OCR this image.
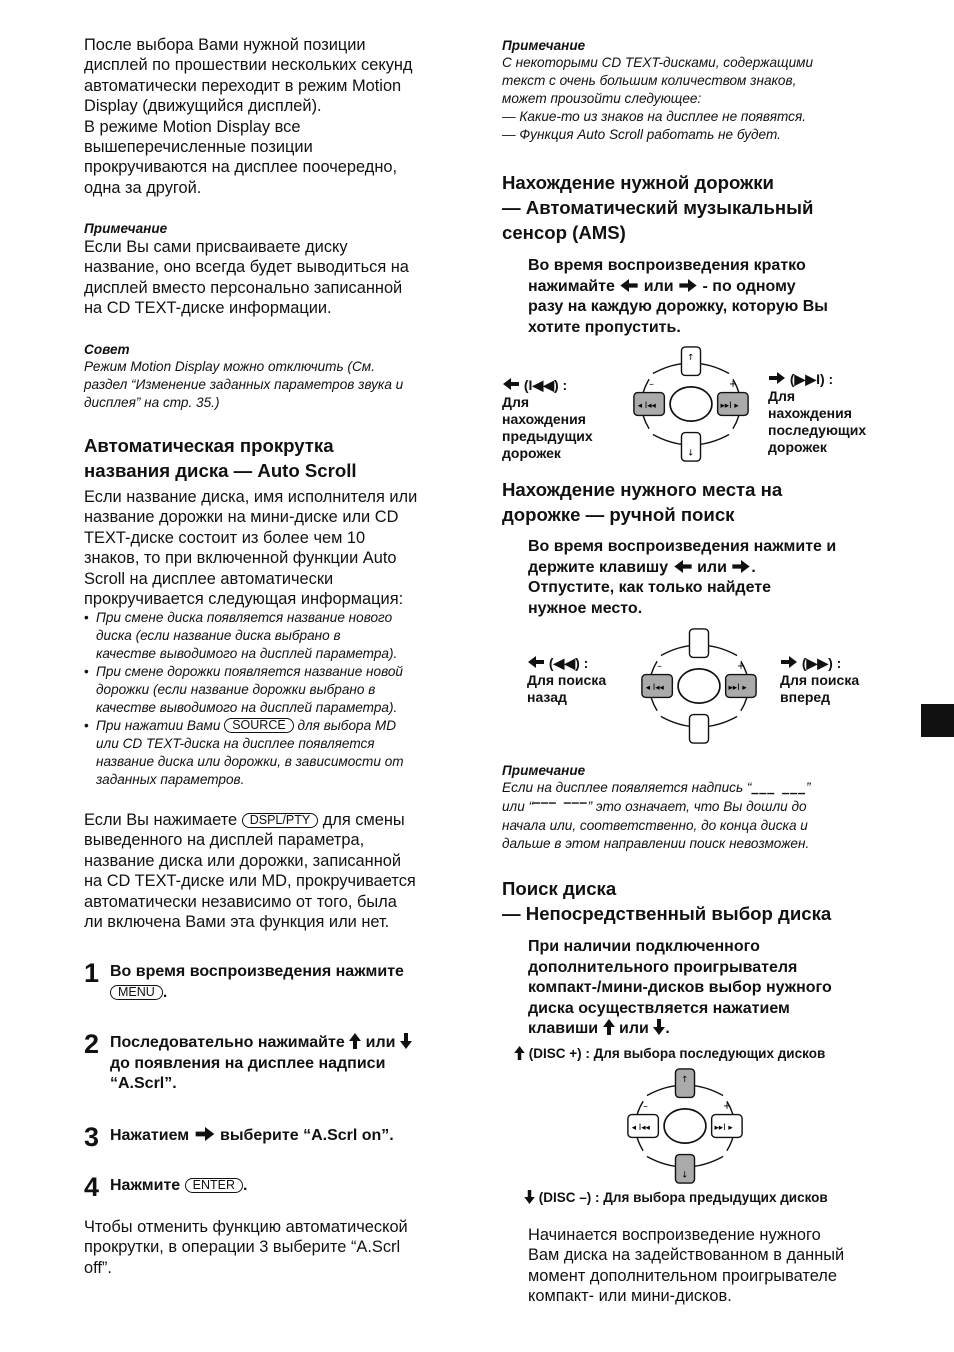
После выбора Вами нужной позиции

дисплей по прошествии нескольких секунд

автоматически переходит в режим Motion

Display (движущийся дисплей).

В режиме Motion Display все

вышеперечисленные позиции

прокручиваются на дисплее поочередно,

одна за другой.

Примечание

Если Вы сами присваиваете диску

название, оно всегда будет выводиться на

дисплей вместо персонально записанной

на CD TEXT-диске информации.

Совет

Режим Motion Display можно отключить (См.

раздел “Изменение заданных параметров звука и

дисплея” на стр. 35.)

Автоматическая прокрутка
названия диска — Auto Scroll

Если название диска, имя исполнителя или

название дорожки на мини-диске или CD

TEXT-диске состоит из более чем 10

знаков, то при включенной функции Auto

Scroll на дисплее автоматически

прокручивается следующая информация:

• При смене диска появляется название нового
диска (если название диска выбрано в
качестве выводимого на дисплей параметра).
• При смене дорожки появляется название новой
дорожки (если название дорожки выбрано в
качестве выводимого на дисплей параметра).
• При нажатии Вами SOURCE для выбора MD
или CD TEXT-диска на дисплее появляется
название диска или дорожки, в зависимости от
заданных параметров.

Если Вы нажимаете DSPL/PTY для смены

выведенного на дисплей параметра,

название диска или дорожки, записанной

на CD TEXT-диске или MD, прокручивается

автоматически независимо от того, была

ли включена Вами эта функция или нет.

1 Во время воспроизведения нажмите
MENU .
2 Последовательно нажимайте или
до появления на дисплее надписи
“A.Scrl”.
3 Нажатием выберите “A.Scrl on”.
4 Нажмите ENTER .

Чтобы отменить функцию автоматической

прокрутки, в операции 3 выберите “A.Scrl

off”.

Примечание

С некоторыми CD TEXT-дисками, содержащими

текст с очень большим количеством знаков,

может произойти следующее:

— Какие-то из знаков на дисплее не появятся.

— Функция Auto Scroll работать не будет.

Нахождение нужной дорожки
— Автоматический музыкальный
сенсор (AMS)

Во время воспроизведения кратко

нажимайте или - по одному

разу на каждую дорожку, которую Вы

хотите пропустить.

(I◀◀) :
Для
нахождения
предыдущих
дорожек
◂ I◂◂	▸▸I ▸
↑
↓
(▶▶I) :
Для
нахождения
последующих
дорожек
Нахождение нужного места на
дорожке — ручной поиск

Во время воспроизведения нажмите и

держите клавишу или .

Отпустите, как только найдете

нужное место.

(◀◀) :
Для поиска
назад
◂ I◂◂	▸▸I ▸
(▶▶) :
Для поиска
вперед

Примечание

Если на дисплее появляется надпись “▁▁▁  ▁▁▁”

или “▔▔▔  ▔▔▔” это означает, что Вы дошли до

начала или, соответственно, до конца диска и

дальше в этом направлении поиск невозможен.

Поиск диска
— Непосредственный выбор диска

При наличии подключенного

дополнительного проигрывателя

компакт-/мини-дисков выбор нужного

диска осуществляется нажатием

клавиши или .

(DISC +) : Для выбора последующих дисков
◂ I◂◂	▸▸I ▸
↑
↓
(DISC –) : Для выбора предыдущих дисков

Начинается воспроизведение нужного

Вам диска на задействованном в данный

момент дополнительном проигрывателе

компакт- или мини-дисков.
